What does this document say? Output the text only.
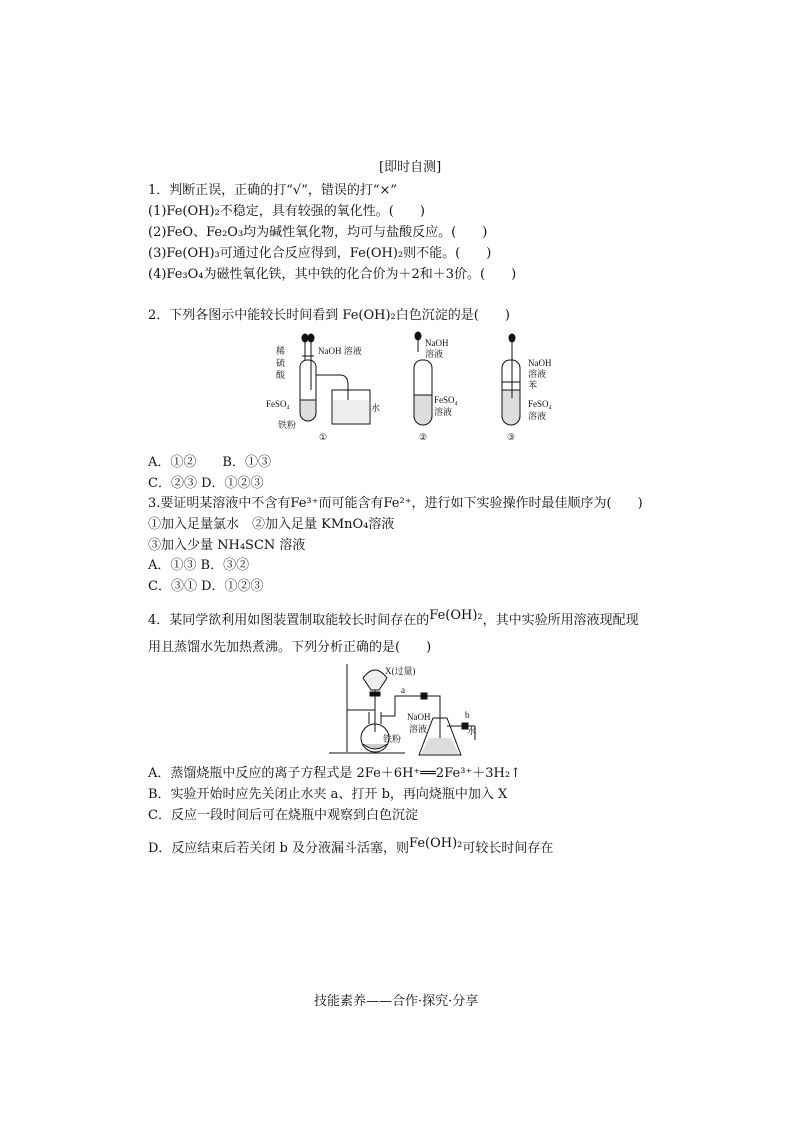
[即时自测]
1．判断正误，正确的打“√”，错误的打“×”
(1)Fe(OH)₂不稳定，具有较强的氧化性。(　　)
(2)FeO、Fe₂O₃均为碱性氧化物，均可与盐酸反应。(　　)
(3)Fe(OH)₃可通过化合反应得到，Fe(OH)₂则不能。(　　)
(4)Fe₃O₄为磁性氧化铁，其中铁的化合价为＋2和＋3价。(　　)
2．下列各图示中能较长时间看到 Fe(OH)₂白色沉淀的是(　　)
稀
硫
酸
NaOH 溶液
FeSO₄	水
铁粉
①
NaOH
溶液
FeSO₄
溶液
②
NaOH
溶液
苯
FeSO₄
溶液
③
A．①②　　B．①③
C．②③ D．①②③
3.要证明某溶液中不含有Fe³⁺而可能含有Fe²⁺，进行如下实验操作时最佳顺序为(　　)
①加入足量氯水　②加入足量 KMnO₄溶液
③加入少量 NH₄SCN 溶液
A．①③ B．③②
C．③① D．①②③
4．某同学欲利用如图装置制取能较长时间存在的Fe(OH)₂，其中实验所用溶液现配现
用且蒸馏水先加热煮沸。下列分析正确的是(　　)
X(过量)
a
b
NaOH
溶液
铁粉
水
A．蒸馏烧瓶中反应的离子方程式是 2Fe＋6H⁺══2Fe³⁺＋3H₂↑
B．实验开始时应先关闭止水夹 a、打开 b，再向烧瓶中加入 X
C．反应一段时间后可在烧瓶中观察到白色沉淀
D．反应结束后若关闭 b 及分液漏斗活塞，则Fe(OH)₂可较长时间存在
技能素养——合作·探究·分享
